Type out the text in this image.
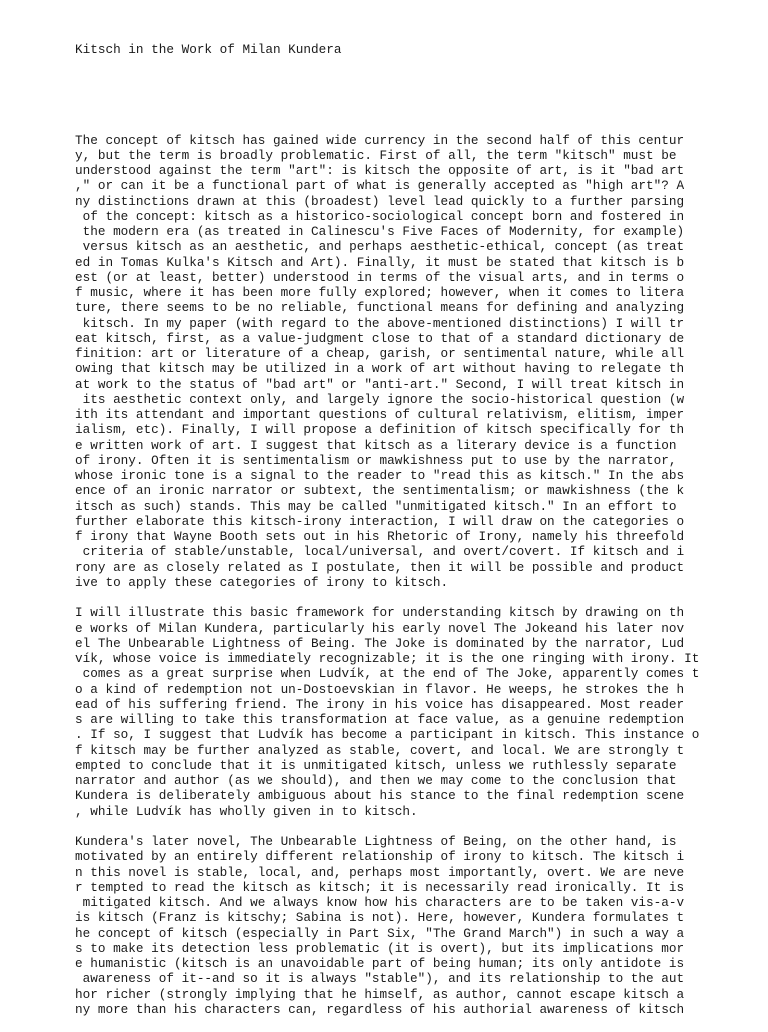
Kitsch in the Work of Milan Kundera

The concept of kitsch has gained wide currency in the second half of this centur
y, but the term is broadly problematic. First of all, the term "kitsch" must be
understood against the term "art": is kitsch the opposite of art, is it "bad art
," or can it be a functional part of what is generally accepted as "high art"? A
ny distinctions drawn at this (broadest) level lead quickly to a further parsing
of the concept: kitsch as a historico-sociological concept born and fostered in
the modern era (as treated in Calinescu's Five Faces of Modernity, for example)
versus kitsch as an aesthetic, and perhaps aesthetic-ethical, concept (as treat
ed in Tomas Kulka's Kitsch and Art). Finally, it must be stated that kitsch is b
est (or at least, better) understood in terms of the visual arts, and in terms o
f music, where it has been more fully explored; however, when it comes to litera
ture, there seems to be no reliable, functional means for defining and analyzing
kitsch. In my paper (with regard to the above-mentioned distinctions) I will tr
eat kitsch, first, as a value-judgment close to that of a standard dictionary de
finition: art or literature of a cheap, garish, or sentimental nature, while all
owing that kitsch may be utilized in a work of art without having to relegate th
at work to the status of "bad art" or "anti-art." Second, I will treat kitsch in
its aesthetic context only, and largely ignore the socio-historical question (w
ith its attendant and important questions of cultural relativism, elitism, imper
ialism, etc). Finally, I will propose a definition of kitsch specifically for th
e written work of art. I suggest that kitsch as a literary device is a function
of irony. Often it is sentimentalism or mawkishness put to use by the narrator,
whose ironic tone is a signal to the reader to "read this as kitsch." In the abs
ence of an ironic narrator or subtext, the sentimentalism; or mawkishness (the k
itsch as such) stands. This may be called "unmitigated kitsch." In an effort to
further elaborate this kitsch-irony interaction, I will draw on the categories o
f irony that Wayne Booth sets out in his Rhetoric of Irony, namely his threefold
criteria of stable/unstable, local/universal, and overt/covert. If kitsch and i
rony are as closely related as I postulate, then it will be possible and product
ive to apply these categories of irony to kitsch.
I will illustrate this basic framework for understanding kitsch by drawing on th
e works of Milan Kundera, particularly his early novel The Jokeand his later nov
el The Unbearable Lightness of Being. The Joke is dominated by the narrator, Lud
vík, whose voice is immediately recognizable; it is the one ringing with irony. It
comes as a great surprise when Ludvík, at the end of The Joke, apparently comes t
o a kind of redemption not un-Dostoevskian in flavor. He weeps, he strokes the h
ead of his suffering friend. The irony in his voice has disappeared. Most reader
s are willing to take this transformation at face value, as a genuine redemption
. If so, I suggest that Ludvík has become a participant in kitsch. This instance o
f kitsch may be further analyzed as stable, covert, and local. We are strongly t
empted to conclude that it is unmitigated kitsch, unless we ruthlessly separate
narrator and author (as we should), and then we may come to the conclusion that
Kundera is deliberately ambiguous about his stance to the final redemption scene
, while Ludvík has wholly given in to kitsch.
Kundera's later novel, The Unbearable Lightness of Being, on the other hand, is
motivated by an entirely different relationship of irony to kitsch. The kitsch i
n this novel is stable, local, and, perhaps most importantly, overt. We are neve
r tempted to read the kitsch as kitsch; it is necessarily read ironically. It is
mitigated kitsch. And we always know how his characters are to be taken vis-a-v
is kitsch (Franz is kitschy; Sabina is not). Here, however, Kundera formulates t
he concept of kitsch (especially in Part Six, "The Grand March") in such a way a
s to make its detection less problematic (it is overt), but its implications mor
e humanistic (kitsch is an unavoidable part of being human; its only antidote is
awareness of it--and so it is always "stable"), and its relationship to the aut
hor richer (strongly implying that he himself, as author, cannot escape kitsch a
ny more than his characters can, regardless of his authorial awareness of kitsch
